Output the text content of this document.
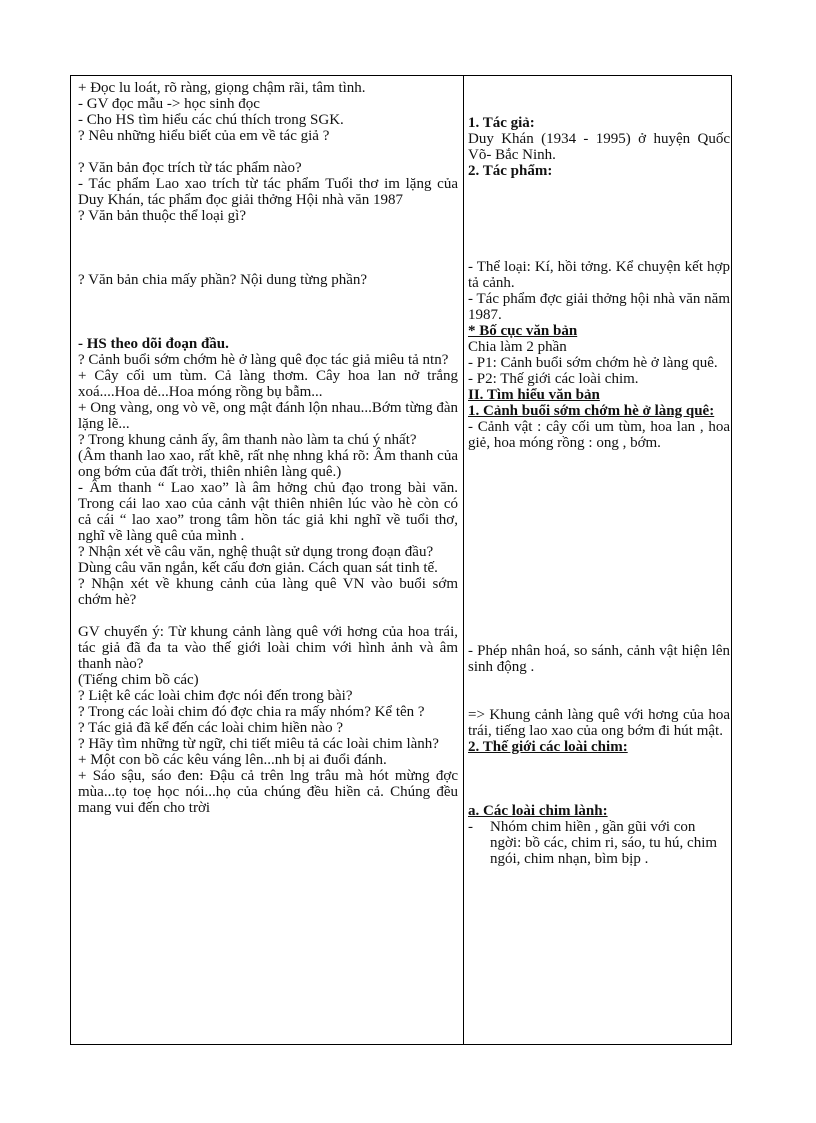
+ Đọc lu loát, rõ ràng, giọng chậm rãi, tâm tình.

- GV đọc mẫu -> học sinh đọc

- Cho HS tìm hiểu các chú thích trong SGK.

? Nêu những hiểu biết của em về tác giả ?

? Văn bản đọc trích từ tác phẩm nào?

- Tác phẩm Lao xao trích từ tác phẩm Tuổi thơ im lặng của Duy Khán, tác phẩm đọc giải thởng Hội nhà văn 1987

? Văn bản thuộc thể loại gì?

? Văn bản chia mấy phần? Nội dung từng phần?

- HS theo dõi đoạn đầu.

? Cảnh buổi sớm chớm hè ở làng quê đọc tác giả miêu tả ntn?

+ Cây cối um tùm. Cả làng thơm. Cây hoa lan nở trắng xoá....Hoa dẻ...Hoa móng rồng bụ bẫm...

+ Ong vàng, ong vò vẽ, ong mật đánh lộn nhau...Bớm từng đàn lặng lẽ...

? Trong khung cảnh ấy, âm thanh nào làm ta chú ý nhất?

(Âm thanh lao xao, rất khẽ, rất nhẹ nhng khá rõ: Âm thanh của ong bớm của đất trời, thiên nhiên làng quê.)

- Âm thanh “ Lao xao” là âm hởng chủ đạo trong bài văn. Trong cái lao xao của cảnh vật thiên nhiên lúc vào hè còn có cả cái “ lao xao” trong tâm hồn tác giả khi nghĩ về tuổi thơ, nghĩ về làng quê của mình .

? Nhận xét về câu văn, nghệ thuật sử dụng trong đoạn đầu?

Dùng câu văn ngắn, kết cấu đơn giản. Cách quan sát tinh tế.

? Nhận xét về khung cảnh của làng quê VN vào buổi sớm chớm hè?

GV chuyển ý: Từ khung cảnh làng quê với hơng của hoa trái, tác giả đã đa ta vào thế giới loài chim với hình ảnh và âm thanh nào?

(Tiếng chim bồ các)

? Liệt kê các loài chim đợc nói đến trong bài?

? Trong các loài chim đó đợc chia ra mấy nhóm? Kể tên ?

? Tác giả đã kể đến các loài chim hiền nào ?

? Hãy tìm những từ ngữ, chi tiết miêu tả các loài chim lành?

+ Một con bồ các kêu váng lên...nh bị ai đuổi đánh.

+ Sáo sậu, sáo đen: Đậu cả trên lng trâu mà hót mừng đợc mùa...tọ toẹ học nói...họ của chúng đều hiền cả. Chúng đều mang vui đến cho trời

1. Tác giả:

Duy Khán (1934 - 1995) ở huyện Quốc Võ- Bắc Ninh.

2. Tác phẩm:

- Thể loại: Kí, hồi tởng. Kể chuyện kết hợp tả cảnh.

- Tác phẩm đợc giải thởng hội nhà văn năm 1987.

* Bố cục văn bản

Chia làm 2 phần

- P1: Cảnh buổi sớm chớm hè ở làng quê.

- P2: Thế giới các loài chim.

II. Tìm hiểu văn bản

1. Cảnh buổi sớm chớm hè ở làng quê:

- Cảnh vật : cây cối um tùm, hoa lan , hoa giẻ, hoa móng rồng : ong , bớm.

- Phép nhân hoá, so sánh, cảnh vật hiện lên sinh động .

=> Khung cảnh làng quê với hơng của hoa trái, tiếng lao xao của ong bớm đi hút mật.

2. Thế giới các loài chim:

a. Các loài chim lành:

-	Nhóm chim hiền , gần gũi với con ngời: bồ các, chim ri, sáo, tu hú, chim ngói, chim nhạn, bìm bịp .
